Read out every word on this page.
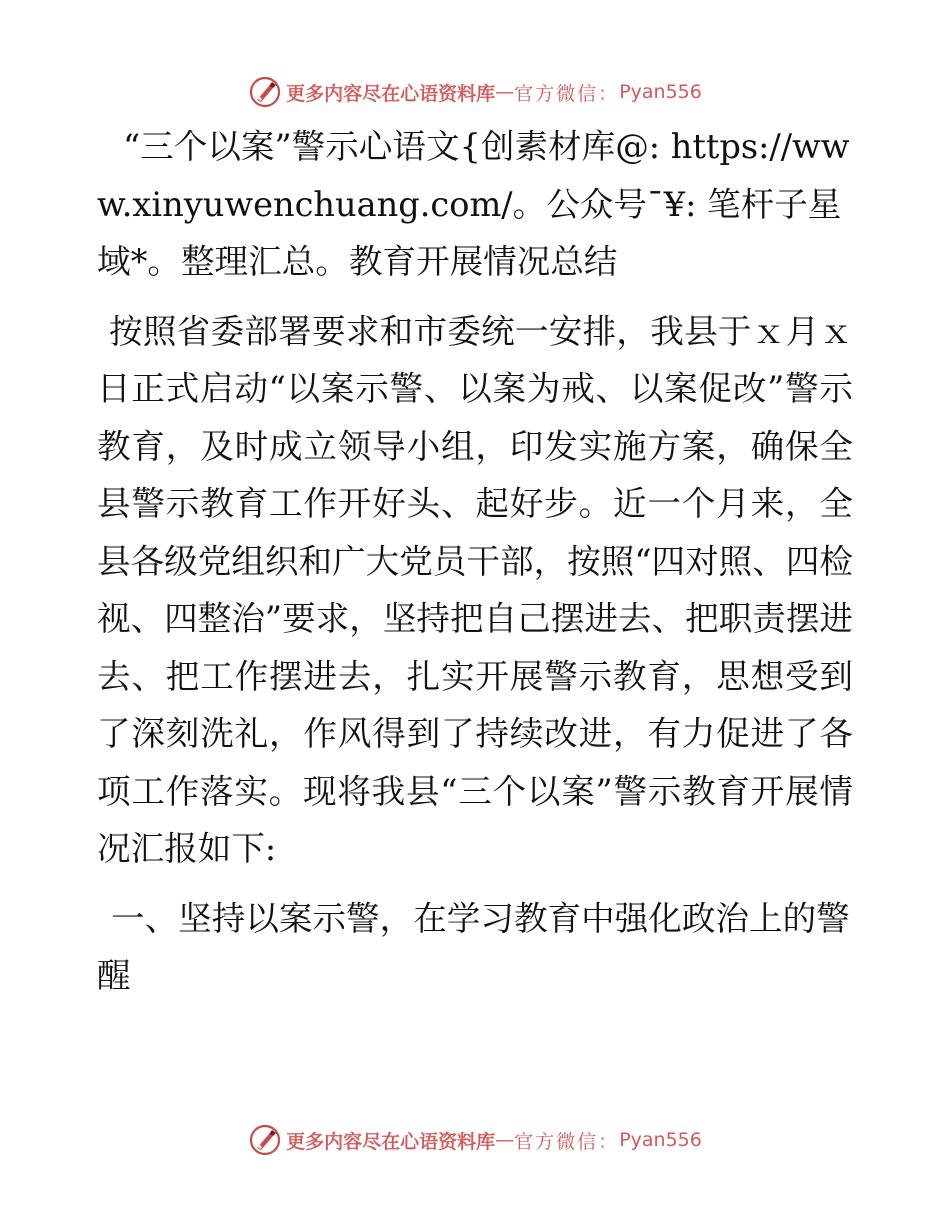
更多内容尽在心语资料库 — 官方微信： Pyan556

“三个以案”警示心语文{创素材库@: https://www.xinyuwenchuang.com/。公众号¯¥: 笔杆子星域*。整理汇总。教育开展情况总结

按照省委部署要求和市委统一安排，我县于ｘ月ｘ日正式启动“以案示警、以案为戒、以案促改”警示教育，及时成立领导小组，印发实施方案，确保全县警示教育工作开好头、起好步。近一个月来，全县各级党组织和广大党员干部，按照“四对照、四检视、四整治”要求，坚持把自己摆进去、把职责摆进去、把工作摆进去，扎实开展警示教育，思想受到了深刻洗礼，作风得到了持续改进，有力促进了各项工作落实。现将我县“三个以案”警示教育开展情况汇报如下:

一、坚持以案示警，在学习教育中强化政治上的警醒

更多内容尽在心语资料库 — 官方微信： Pyan556
